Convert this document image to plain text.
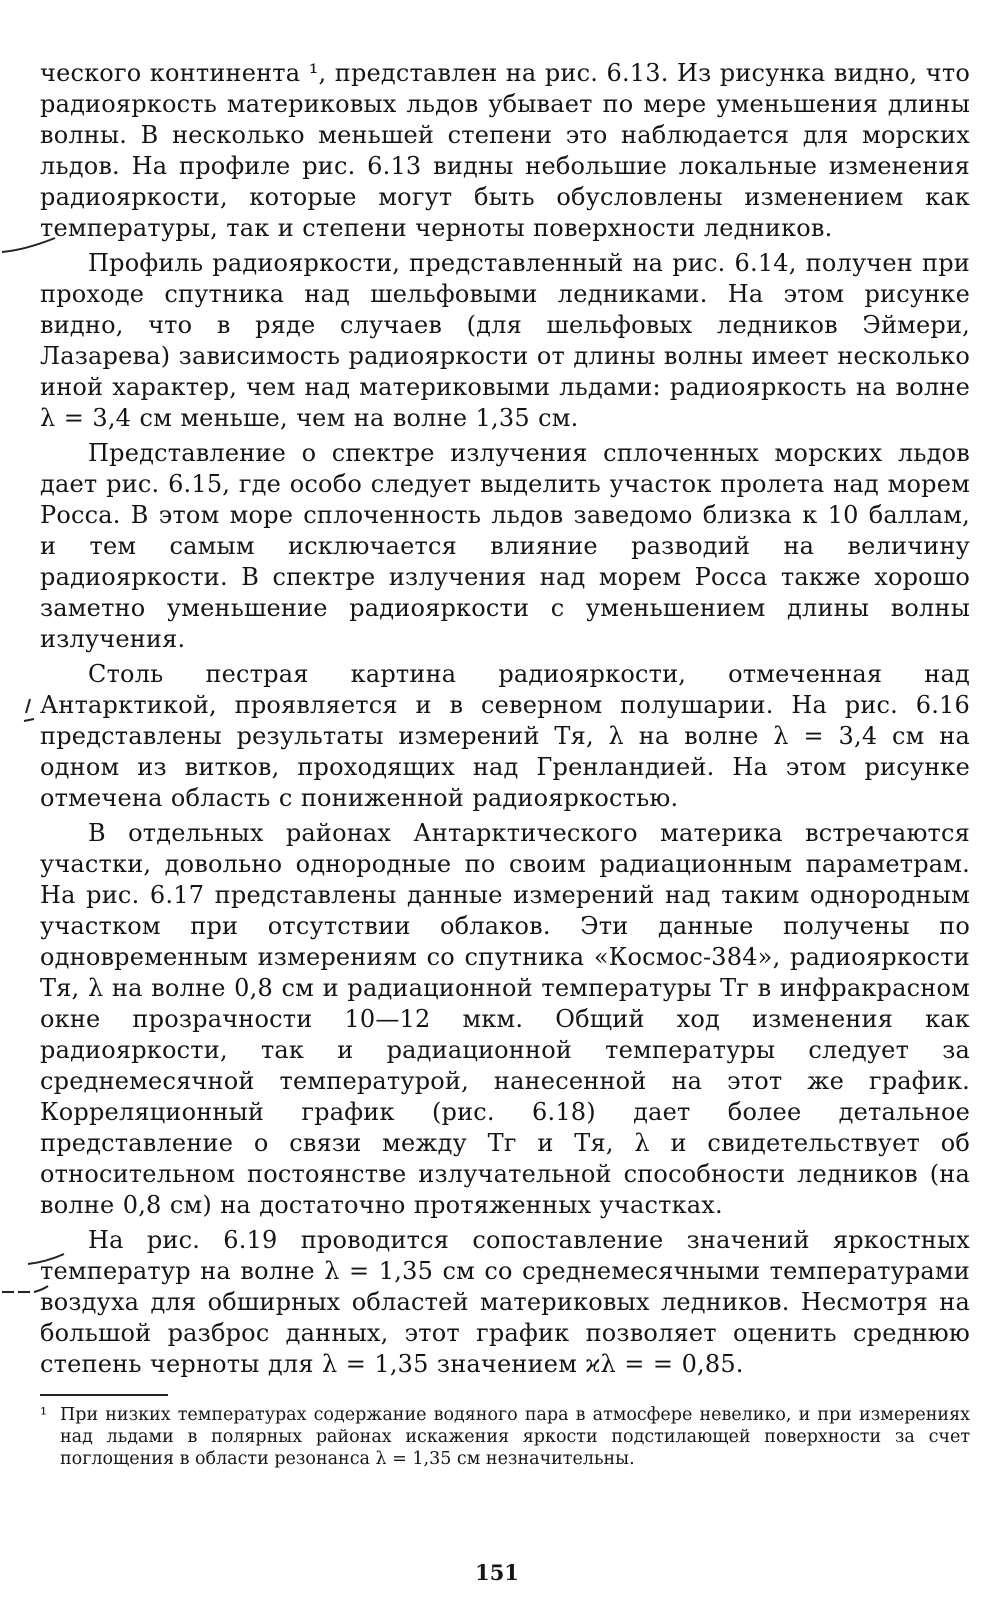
ческого континента ¹, представлен на рис. 6.13. Из рисунка видно, что радиояркость материковых льдов убывает по мере уменьшения длины волны. В несколько меньшей степени это наблюдается для морских льдов. На профиле рис. 6.13 видны небольшие локальные изменения радиояркости, которые могут быть обусловлены изменением как температуры, так и степени черноты поверхности ледников.

Профиль радиояркости, представленный на рис. 6.14, получен при проходе спутника над шельфовыми ледниками. На этом рисунке видно, что в ряде случаев (для шельфовых ледников Эймери, Лазарева) зависимость радиояркости от длины волны имеет несколько иной характер, чем над материковыми льдами: радиояркость на волне λ = 3,4 см меньше, чем на волне 1,35 см.

Представление о спектре излучения сплоченных морских льдов дает рис. 6.15, где особо следует выделить участок пролета над морем Росса. В этом море сплоченность льдов заведомо близка к 10 баллам, и тем самым исключается влияние разводий на величину радиояркости. В спектре излучения над морем Росса также хорошо заметно уменьшение радиояркости с уменьшением длины волны излучения.

Столь пестрая картина радиояркости, отмеченная над Антарктикой, проявляется и в северном полушарии. На рис. 6.16 представлены результаты измерений Tя, λ на волне λ = 3,4 см на одном из витков, проходящих над Гренландией. На этом рисунке отмечена область с пониженной радиояркостью.

В отдельных районах Антарктического материка встречаются участки, довольно однородные по своим радиационным параметрам. На рис. 6.17 представлены данные измерений над таким однородным участком при отсутствии облаков. Эти данные получены по одновременным измерениям со спутника «Космос-384», радиояркости Tя, λ на волне 0,8 см и радиационной температуры Tг в инфракрасном окне прозрачности 10—12 мкм. Общий ход изменения как радиояркости, так и радиационной температуры следует за среднемесячной температурой, нанесенной на этот же график. Корреляционный график (рис. 6.18) дает более детальное представление о связи между Tг и Tя, λ и свидетельствует об относительном постоянстве излучательной способности ледников (на волне 0,8 см) на достаточно протяженных участках.

На рис. 6.19 проводится сопоставление значений яркостных температур на волне λ = 1,35 см со среднемесячными температурами воздуха для обширных областей материковых ледников. Несмотря на большой разброс данных, этот график позволяет оценить среднюю степень черноты для λ = 1,35 значением ϰλ = = 0,85.

¹ При низких температурах содержание водяного пара в атмосфере невелико, и при измерениях над льдами в полярных районах искажения яркости подстилающей поверхности за счет поглощения в области резонанса λ = 1,35 см незначительны.

151
